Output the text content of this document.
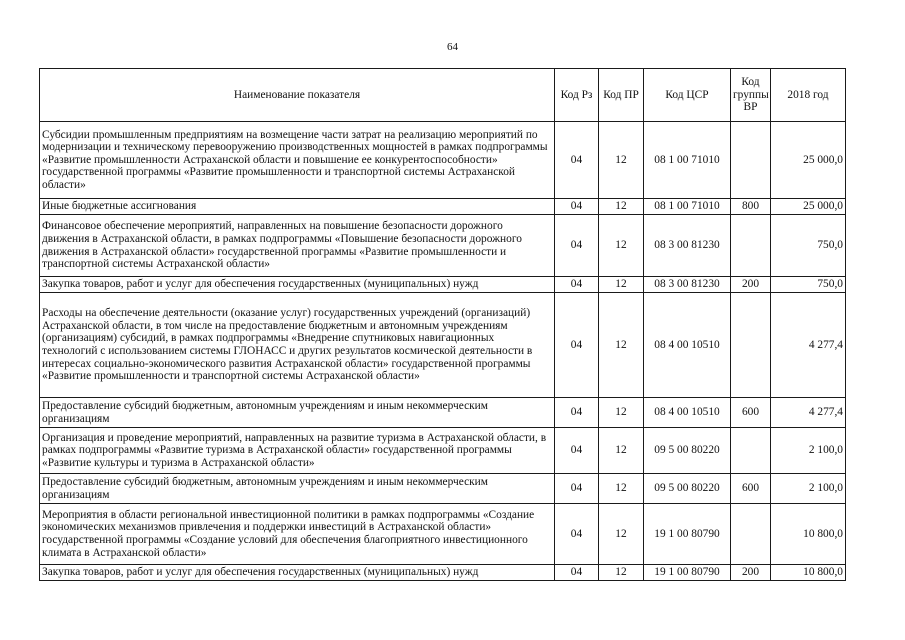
64
Наименование показателя	Код Рз	Код ПР	Код ЦСР	Код группы ВР	2018 год
Субсидии промышленным предприятиям на возмещение части затрат на реализацию мероприятий по модернизации и техническому перевооружению производственных мощностей в рамках подпрограммы «Развитие промышленности Астраханской области и повышение ее конкурентоспособности» государственной программы «Развитие промышленности и транспортной системы Астраханской области»	04	12	08 1 00 71010		25 000,0
Иные бюджетные ассигнования	04	12	08 1 00 71010	800	25 000,0
Финансовое обеспечение мероприятий, направленных на повышение безопасности дорожного движения в Астраханской области, в рамках подпрограммы «Повышение безопасности дорожного движения в Астраханской области» государственной программы «Развитие промышленности и транспортной системы Астраханской области»	04	12	08 3 00 81230		750,0
Закупка товаров, работ и услуг для обеспечения государственных (муниципальных) нужд	04	12	08 3 00 81230	200	750,0
Расходы на обеспечение деятельности (оказание услуг) государственных учреждений (организаций) Астраханской области, в том числе на предоставление бюджетным и автономным учреждениям (организациям) субсидий, в рамках подпрограммы «Внедрение спутниковых навигационных технологий с использованием системы ГЛОНАСС и других результатов космической деятельности в интересах социально-экономического развития Астраханской области» государственной программы «Развитие промышленности и транспортной системы Астраханской области»	04	12	08 4 00 10510		4 277,4
Предоставление субсидий бюджетным, автономным учреждениям и иным некоммерческим организациям	04	12	08 4 00 10510	600	4 277,4
Организация и проведение мероприятий, направленных на развитие туризма в Астраханской области, в рамках подпрограммы «Развитие туризма в Астраханской области» государственной программы «Развитие культуры и туризма в Астраханской области»	04	12	09 5 00 80220		2 100,0
Предоставление субсидий бюджетным, автономным учреждениям и иным некоммерческим организациям	04	12	09 5 00 80220	600	2 100,0
Мероприятия в области региональной инвестиционной политики в рамках подпрограммы «Создание экономических механизмов привлечения и поддержки инвестиций в Астраханской области» государственной программы «Создание условий для обеспечения благоприятного инвестиционного климата в Астраханской области»	04	12	19 1 00 80790		10 800,0
Закупка товаров, работ и услуг для обеспечения государственных (муниципальных) нужд	04	12	19 1 00 80790	200	10 800,0
